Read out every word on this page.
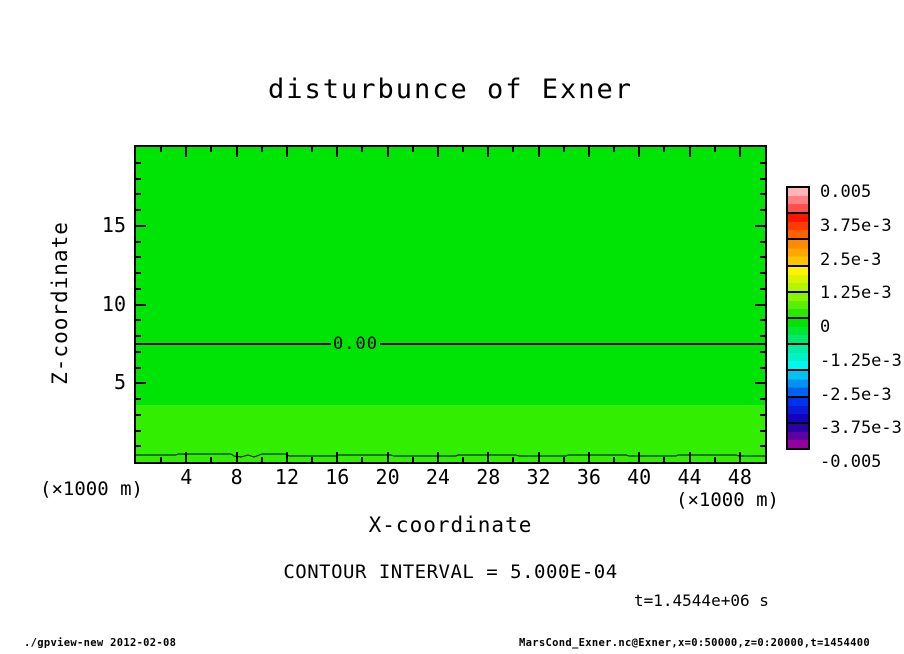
disturbunce of Exner
Z-coordinate	0.00
(×1000 m)	(×1000 m)
X-coordinate
CONTOUR INTERVAL = 5.000E-04
t=1.4544e+06 s
./gpview-new 2012-02-08	MarsCond_Exner.nc@Exner,x=0:50000,z=0:20000,t=1454400
4	8	12	16	20	24	28	32	36	40	44	48
5
10
15
0.005
3.75e-3
2.5e-3
1.25e-3
0
-1.25e-3
-2.5e-3
-3.75e-3
-0.005
